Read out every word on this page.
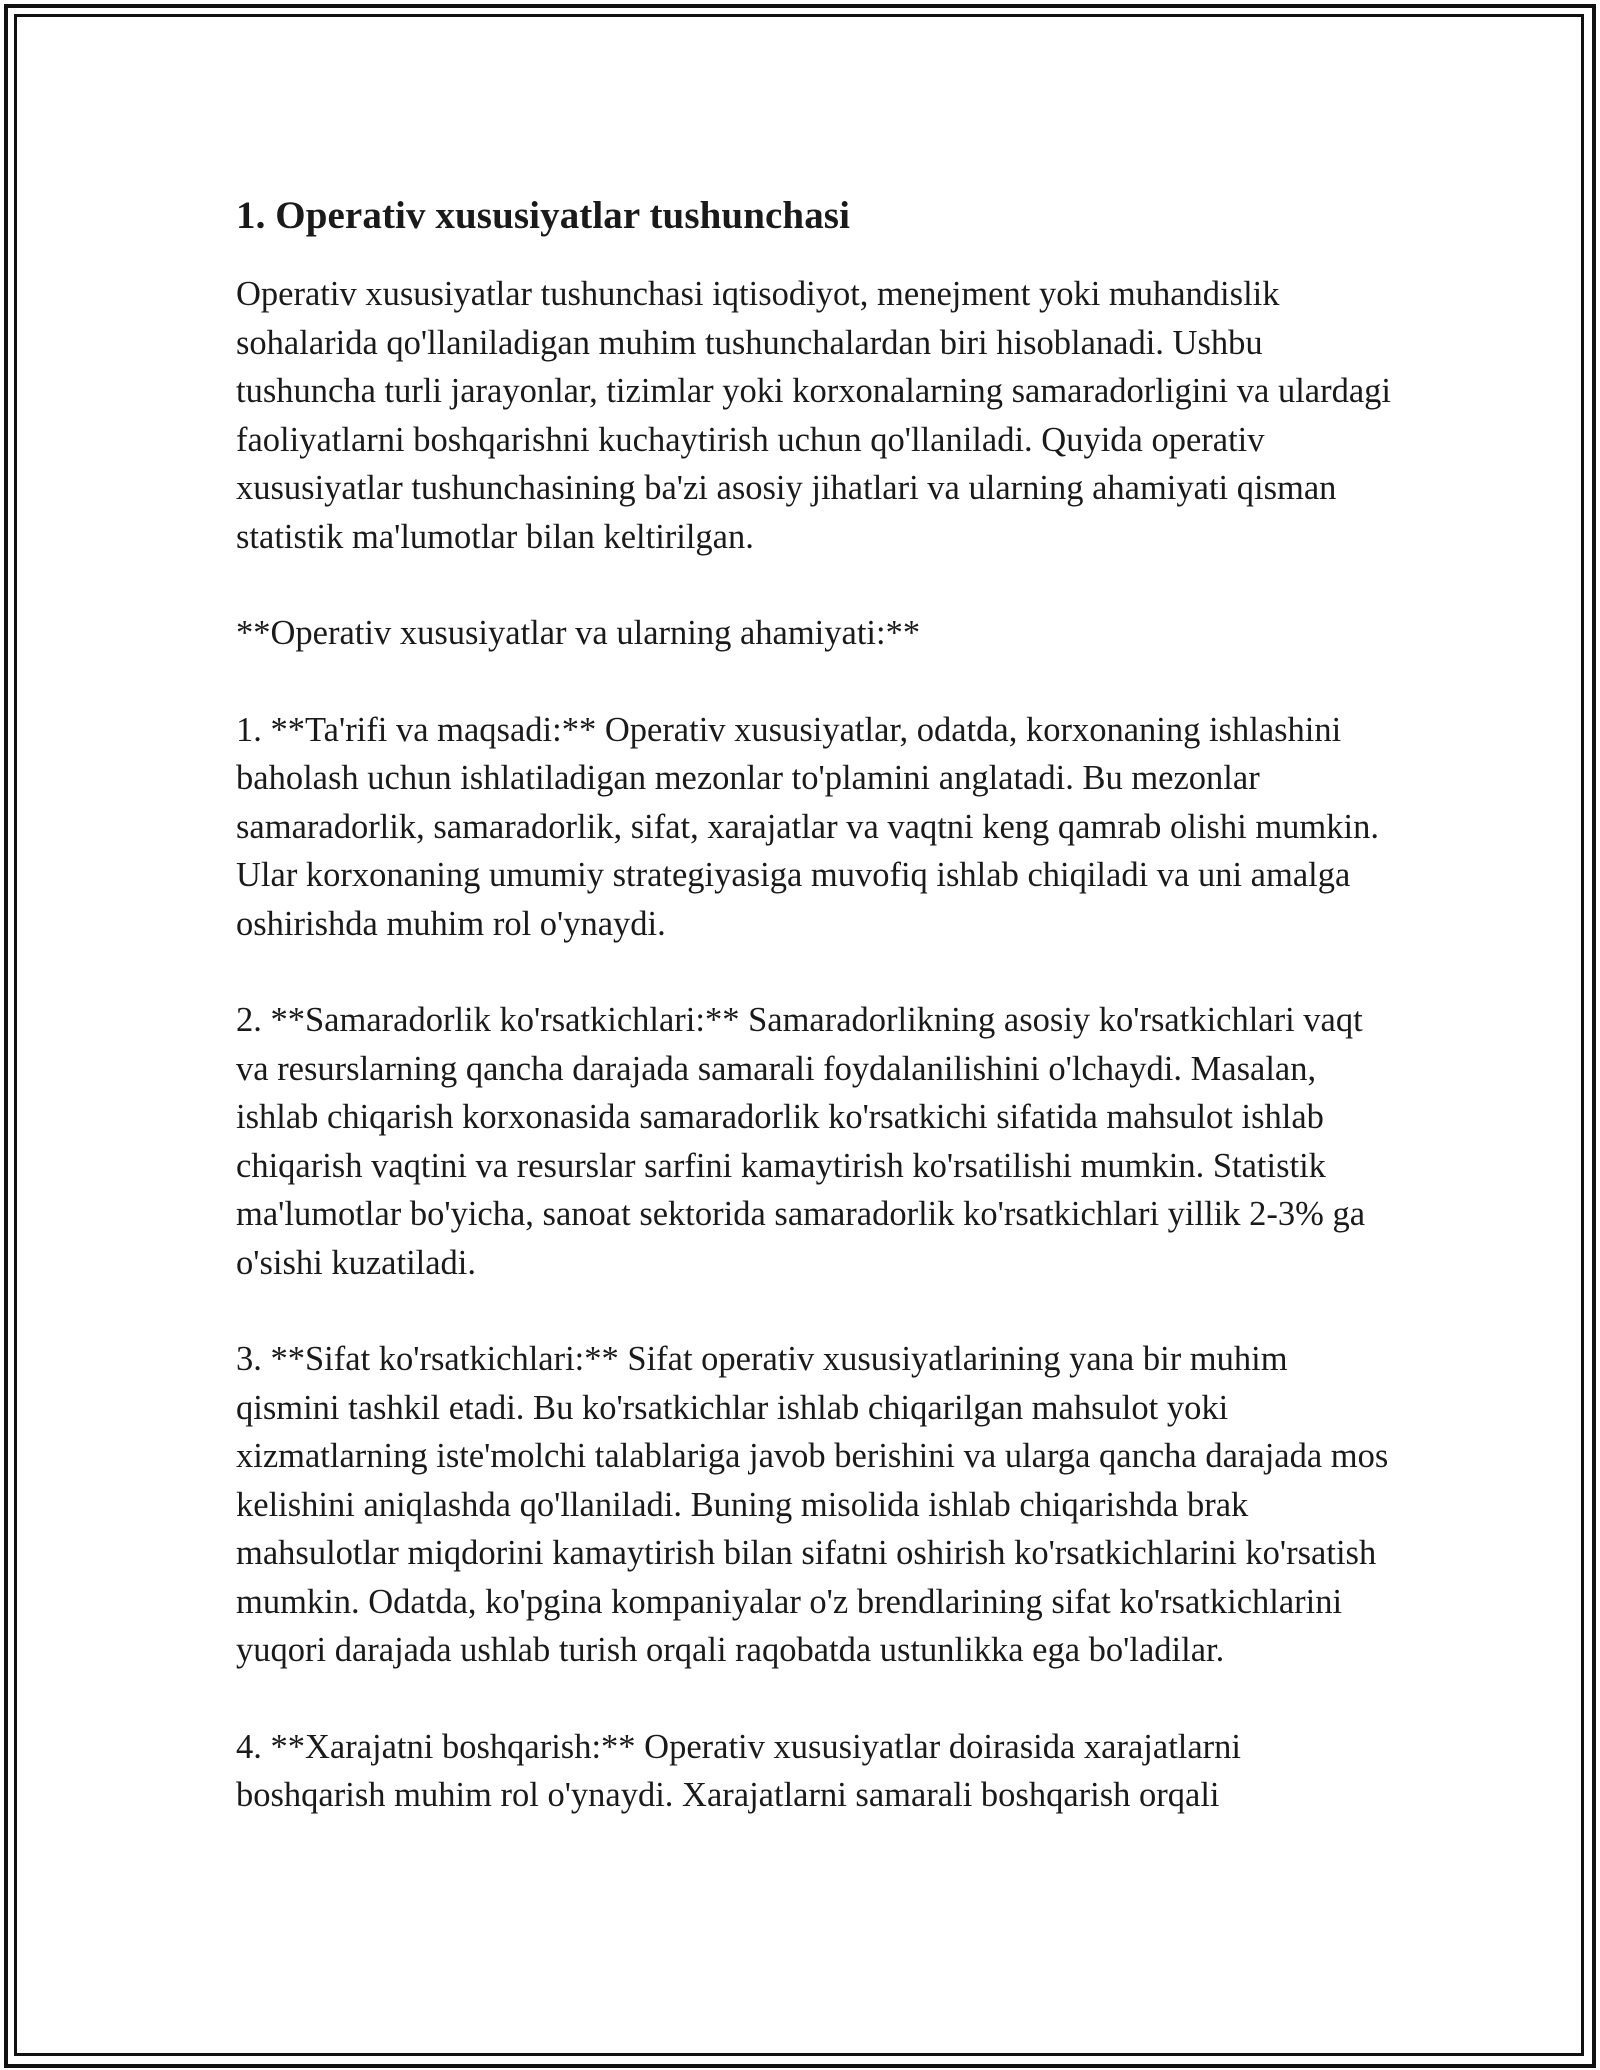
1. Operativ xususiyatlar tushunchasi

Operativ xususiyatlar tushunchasi iqtisodiyot, menejment yoki muhandislik sohalarida qo'llaniladigan muhim tushunchalardan biri hisoblanadi. Ushbu tushuncha turli jarayonlar, tizimlar yoki korxonalarning samaradorligini va ulardagi faoliyatlarni boshqarishni kuchaytirish uchun qo'llaniladi. Quyida operativ xususiyatlar tushunchasining ba'zi asosiy jihatlari va ularning ahamiyati qisman statistik ma'lumotlar bilan keltirilgan.

**Operativ xususiyatlar va ularning ahamiyati:**

1. **Ta'rifi va maqsadi:** Operativ xususiyatlar, odatda, korxonaning ishlashini baholash uchun ishlatiladigan mezonlar to'plamini anglatadi. Bu mezonlar samaradorlik, samaradorlik, sifat, xarajatlar va vaqtni keng qamrab olishi mumkin. Ular korxonaning umumiy strategiyasiga muvofiq ishlab chiqiladi va uni amalga oshirishda muhim rol o'ynaydi.

2. **Samaradorlik ko'rsatkichlari:** Samaradorlikning asosiy ko'rsatkichlari vaqt va resurslarning qancha darajada samarali foydalanilishini o'lchaydi. Masalan, ishlab chiqarish korxonasida samaradorlik ko'rsatkichi sifatida mahsulot ishlab chiqarish vaqtini va resurslar sarfini kamaytirish ko'rsatilishi mumkin. Statistik ma'lumotlar bo'yicha, sanoat sektorida samaradorlik ko'rsatkichlari yillik 2-3% ga o'sishi kuzatiladi.

3. **Sifat ko'rsatkichlari:** Sifat operativ xususiyatlarining yana bir muhim qismini tashkil etadi. Bu ko'rsatkichlar ishlab chiqarilgan mahsulot yoki xizmatlarning iste'molchi talablariga javob berishini va ularga qancha darajada mos kelishini aniqlashda qo'llaniladi. Buning misolida ishlab chiqarishda brak mahsulotlar miqdorini kamaytirish bilan sifatni oshirish ko'rsatkichlarini ko'rsatish mumkin. Odatda, ko'pgina kompaniyalar o'z brendlarining sifat ko'rsatkichlarini yuqori darajada ushlab turish orqali raqobatda ustunlikka ega bo'ladilar.

4. **Xarajatni boshqarish:** Operativ xususiyatlar doirasida xarajatlarni boshqarish muhim rol o'ynaydi. Xarajatlarni samarali boshqarish orqali
